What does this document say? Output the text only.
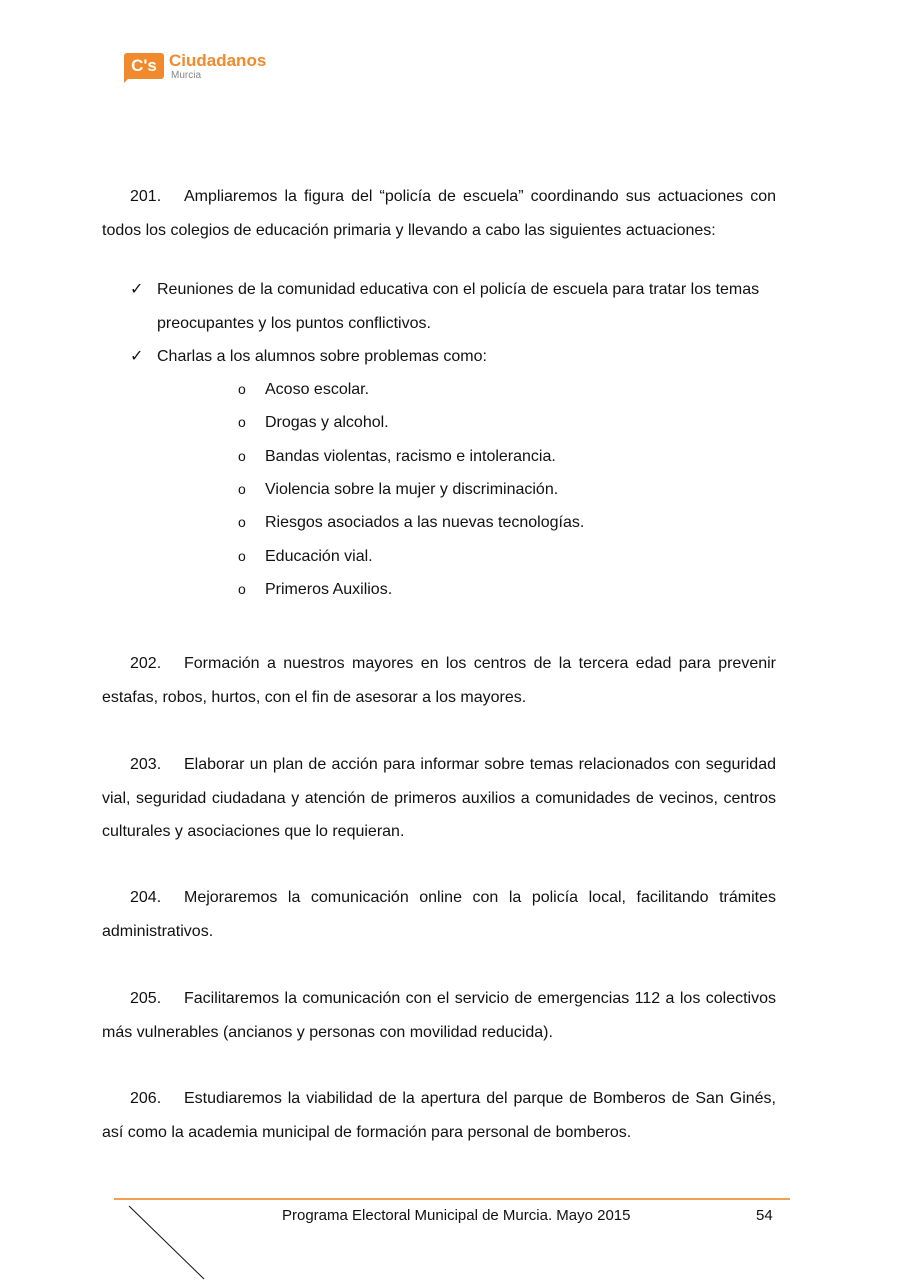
C's Ciudadanos
Murcia
201. Ampliaremos la figura del “policía de escuela” coordinando sus actuaciones con todos los colegios de educación primaria y llevando a cabo las siguientes actuaciones:
✓ Reuniones de la comunidad educativa con el policía de escuela para tratar los temas preocupantes y los puntos conflictivos.
✓ Charlas a los alumnos sobre problemas como:
o Acoso escolar.
o Drogas y alcohol.
o Bandas violentas, racismo e intolerancia.
o Violencia sobre la mujer y discriminación.
o Riesgos asociados a las nuevas tecnologías.
o Educación vial.
o Primeros Auxilios.
202. Formación a nuestros mayores en los centros de la tercera edad para prevenir estafas, robos, hurtos, con el fin de asesorar a los mayores.
203. Elaborar un plan de acción para informar sobre temas relacionados con seguridad vial, seguridad ciudadana y atención de primeros auxilios a comunidades de vecinos, centros culturales y asociaciones que lo requieran.
204. Mejoraremos la comunicación online con la policía local, facilitando trámites administrativos.
205. Facilitaremos la comunicación con el servicio de emergencias 112 a los colectivos más vulnerables (ancianos y personas con movilidad reducida).
206. Estudiaremos la viabilidad de la apertura del parque de Bomberos de San Ginés, así como la academia municipal de formación para personal de bomberos.
Programa Electoral Municipal de Murcia. Mayo 2015	54
